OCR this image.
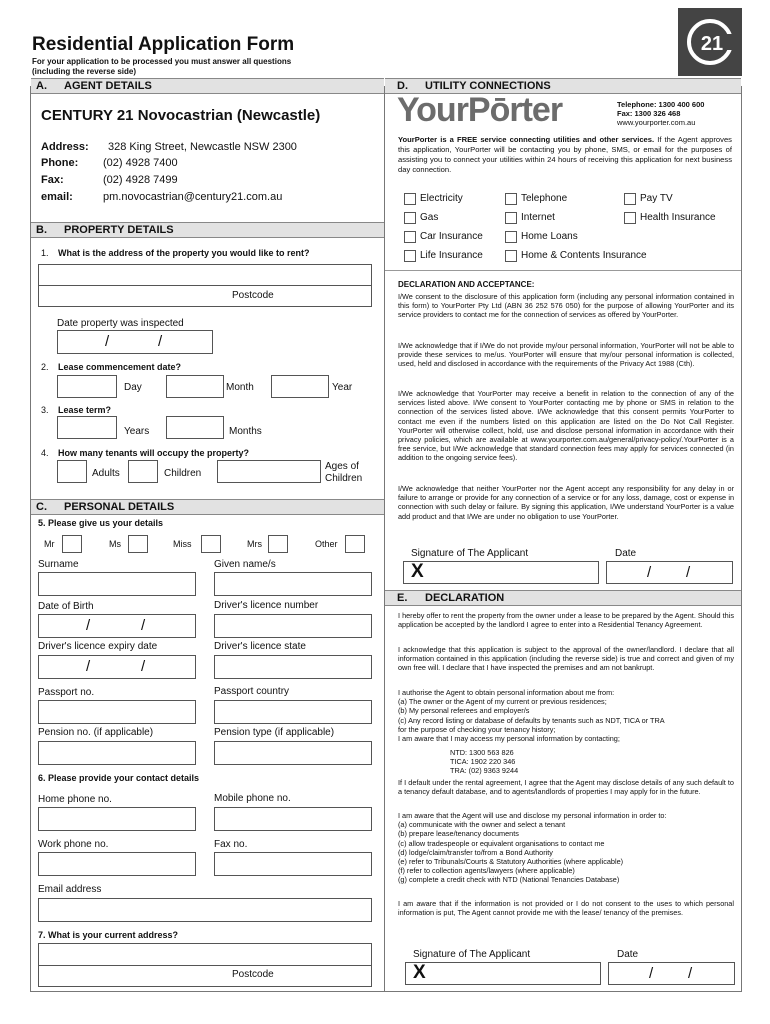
Residential Application Form
For your application to be processed you must answer all questions
(including the reverse side)
21
A. AGENT DETAILS
CENTURY 21 Novocastrian (Newcastle)
Address: 328 King Street, Newcastle NSW 2300
Phone: (02) 4928 7400
Fax:	(02) 4928 7499
email:	pm.novocastrian@century21.com.au
B. PROPERTY DETAILS
1. What is the address of the property you would like to rent?
Postcode
Date property was inspected
/	/
2. Lease commencement date?
Day	Month	Year
3. Lease term?
Years	Months
4. How many tenants will occupy the property?
Adults	Children
Ages of
Children
C. PERSONAL DETAILS
5. Please give us your details
Mr	Ms	Miss	Mrs	Other
Surname	Given name/s
Date of Birth	Driver's licence number
/	/
Driver's licence expiry date	Driver's licence state
/	/
Passport no.	Passport country
Pension no. (if applicable)	Pension type (if applicable)
6. Please provide your contact details
Home phone no.	Mobile phone no.
Work phone no.	Fax no.
Email address
7. What is your current address?
Postcode
D. UTILITY CONNECTIONS
YourPōrter	Telephone: 1300 400 600
Fax: 1300 326 468
www.yourporter.com.au
YourPorter is a FREE service connecting utilities and other services. If the Agent approves this application, YourPorter will be contacting you by phone, SMS, or email for the purposes of assisting you to connect your utilities within 24 hours of receiving this application for next business day connection.
Electricity	Telephone	Pay TV
Gas	Internet	Health Insurance
Car Insurance	Home Loans
Life Insurance	Home & Contents Insurance
DECLARATION AND ACCEPTANCE:
I/We consent to the disclosure of this application form (including any personal information contained in this form) to YourPorter Pty Ltd (ABN 36 252 576 050) for the purpose of allowing YourPorter and its service providers to contact me for the connection of services as offered by YourPorter.
I/We acknowledge that if I/We do not provide my/our personal information, YourPorter will not be able to provide these services to me/us. YourPorter will ensure that my/our personal information is collected, used, held and disclosed in accordance with the requirements of the Privacy Act 1988 (Cth).
I/We acknowledge that YourPorter may receive a benefit in relation to the connection of any of the services listed above. I/We consent to YourPorter contacting me by phone or SMS in relation to the connection of the services listed above. I/We acknowledge that this consent permits YourPorter to contact me even if the numbers listed on this application are listed on the Do Not Call Register. YourPorter will otherwise collect, hold, use and disclose personal information in accordance with their privacy policies, which are available at www.yourporter.com.au/general/privacy-policy/.YourPorter is a free service, but I/We acknowledge that standard connection fees may apply for services connected (in addition to the ongoing service fees).
I/We acknowledge that neither YourPorter nor the Agent accept any responsibility for any delay in or failure to arrange or provide for any connection of a service or for any loss, damage, cost or expense in connection with such delay or failure. By signing this application, I/We understand YourPorter is a value add product and that I/We are under no obligation to use YourPorter.
Signature of The Applicant	Date
X	/ /
E. DECLARATION
I hereby offer to rent the property from the owner under a lease to be prepared by the Agent. Should this application be accepted by the landlord I agree to enter into a Residential Tenancy Agreement.
I acknowledge that this application is subject to the approval of the owner/landlord. I declare that all information contained in this application (including the reverse side) is true and correct and given of my own free will. I declare that I have inspected the premises and am not bankrupt.
I authorise the Agent to obtain personal information about me from:
(a) The owner or the Agent of my current or previous residences;
(b) My personal referees and employer/s
(c) Any record listing or database of defaults by tenants such as NDT, TICA or TRA
for the purpose of checking your tenancy history;
I am aware that I may access my personal information by contacting;
NTD: 1300 563 826
TICA: 1902 220 346
TRA: (02) 9363 9244
If I default under the rental agreement, I agree that the Agent may disclose details of any such default to a tenancy default database, and to agents/landlords of properties I may apply for in the future.
I am aware that the Agent will use and disclose my personal information in order to:
(a) communicate with the owner and select a tenant
(b) prepare lease/tenancy documents
(c) allow tradespeople or equivalent organisations to contact me
(d) lodge/claim/transfer to/from a Bond Authority
(e) refer to Tribunals/Courts & Statutory Authorities (where applicable)
(f) refer to collection agents/lawyers (where applicable)
(g) complete a credit check with NTD (National Tenancies Database)
I am aware that if the information is not provided or I do not consent to the uses to which personal information is put, The Agent cannot provide me with the lease/ tenancy of the premises.
Signature of The Applicant	Date
X	/ /
